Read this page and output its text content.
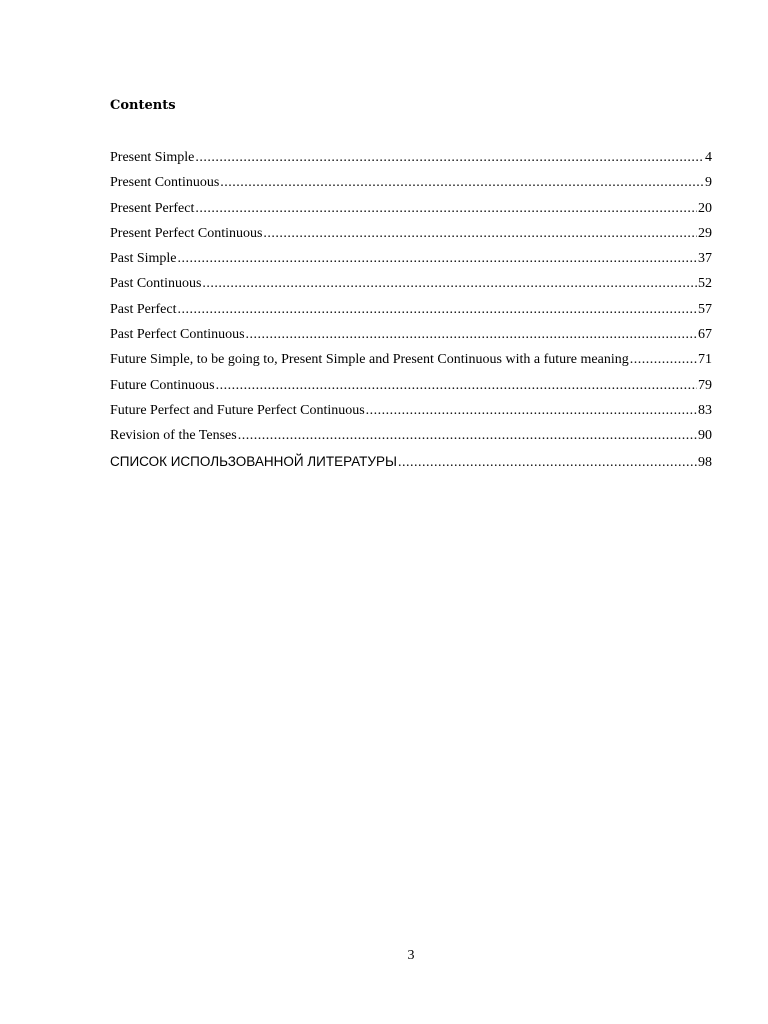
Contents
Present Simple .....	4
Present Continuous .....	9
Present Perfect .....	20
Present Perfect Continuous .....	29
Past Simple .....	37
Past Continuous .....	52
Past Perfect .....	57
Past Perfect Continuous .....	67
Future Simple, to be going to, Present Simple and Present Continuous with a future meaning .....	71
Future Continuous .....	79
Future Perfect and Future Perfect Continuous .....	83
Revision of the Tenses .....	90
СПИСОК ИСПОЛЬЗОВАННОЙ ЛИТЕРАТУРЫ .....	98
3
